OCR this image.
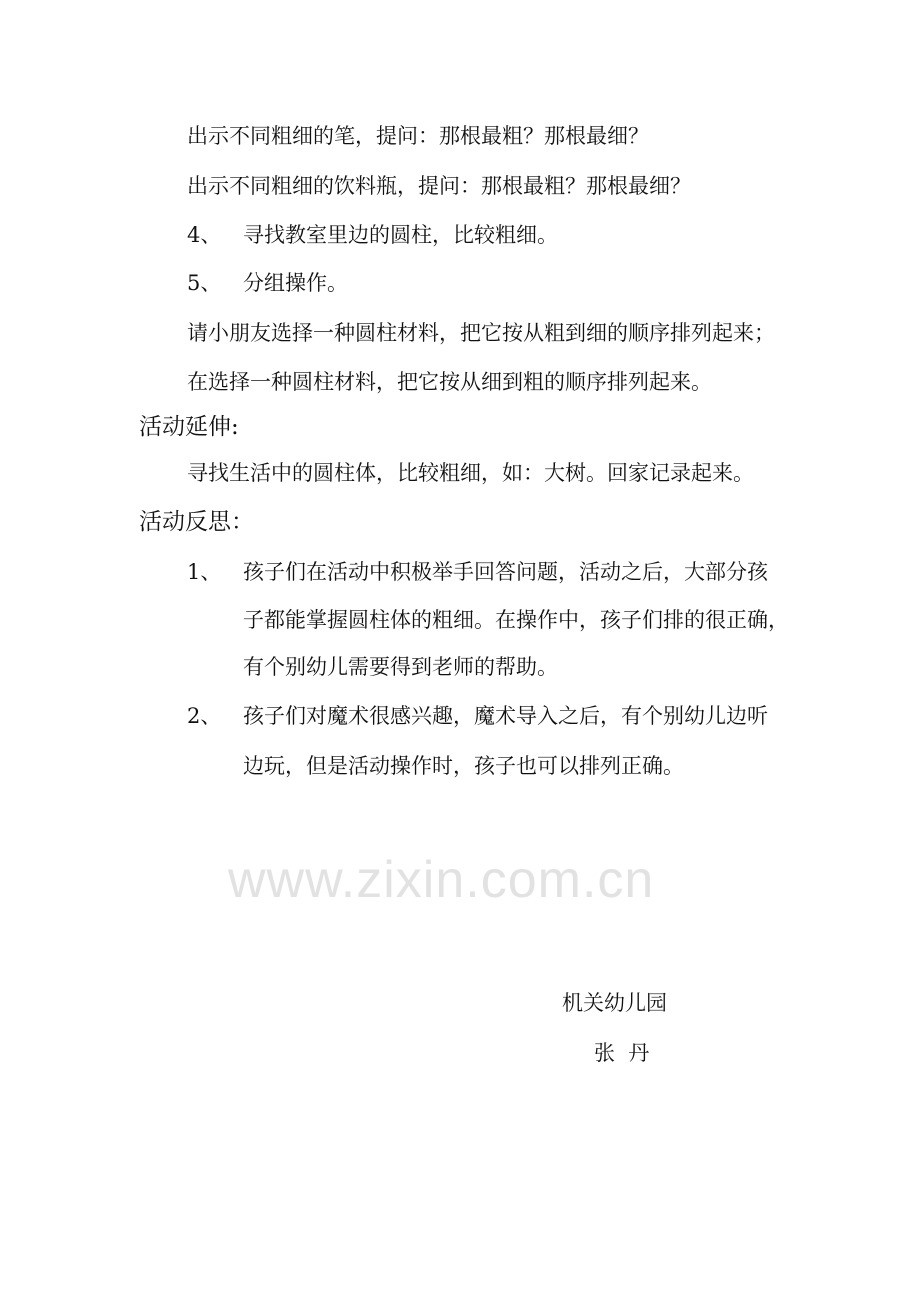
www.zixin.com.cn
出示不同粗细的笔，提问：那根最粗？那根最细？
出示不同粗细的饮料瓶，提问：那根最粗？那根最细？
4、 寻找教室里边的圆柱，比较粗细。
5、 分组操作。
请小朋友选择一种圆柱材料，把它按从粗到细的顺序排列起来；
在选择一种圆柱材料，把它按从细到粗的顺序排列起来。
活动延伸:
寻找生活中的圆柱体，比较粗细，如：大树。回家记录起来。
活动反思：
1、 孩子们在活动中积极举手回答问题，活动之后，大部分孩
子都能掌握圆柱体的粗细。在操作中，孩子们排的很正确，
有个别幼儿需要得到老师的帮助。
2、 孩子们对魔术很感兴趣，魔术导入之后，有个别幼儿边听
边玩，但是活动操作时，孩子也可以排列正确。
机关幼儿园
张  丹
